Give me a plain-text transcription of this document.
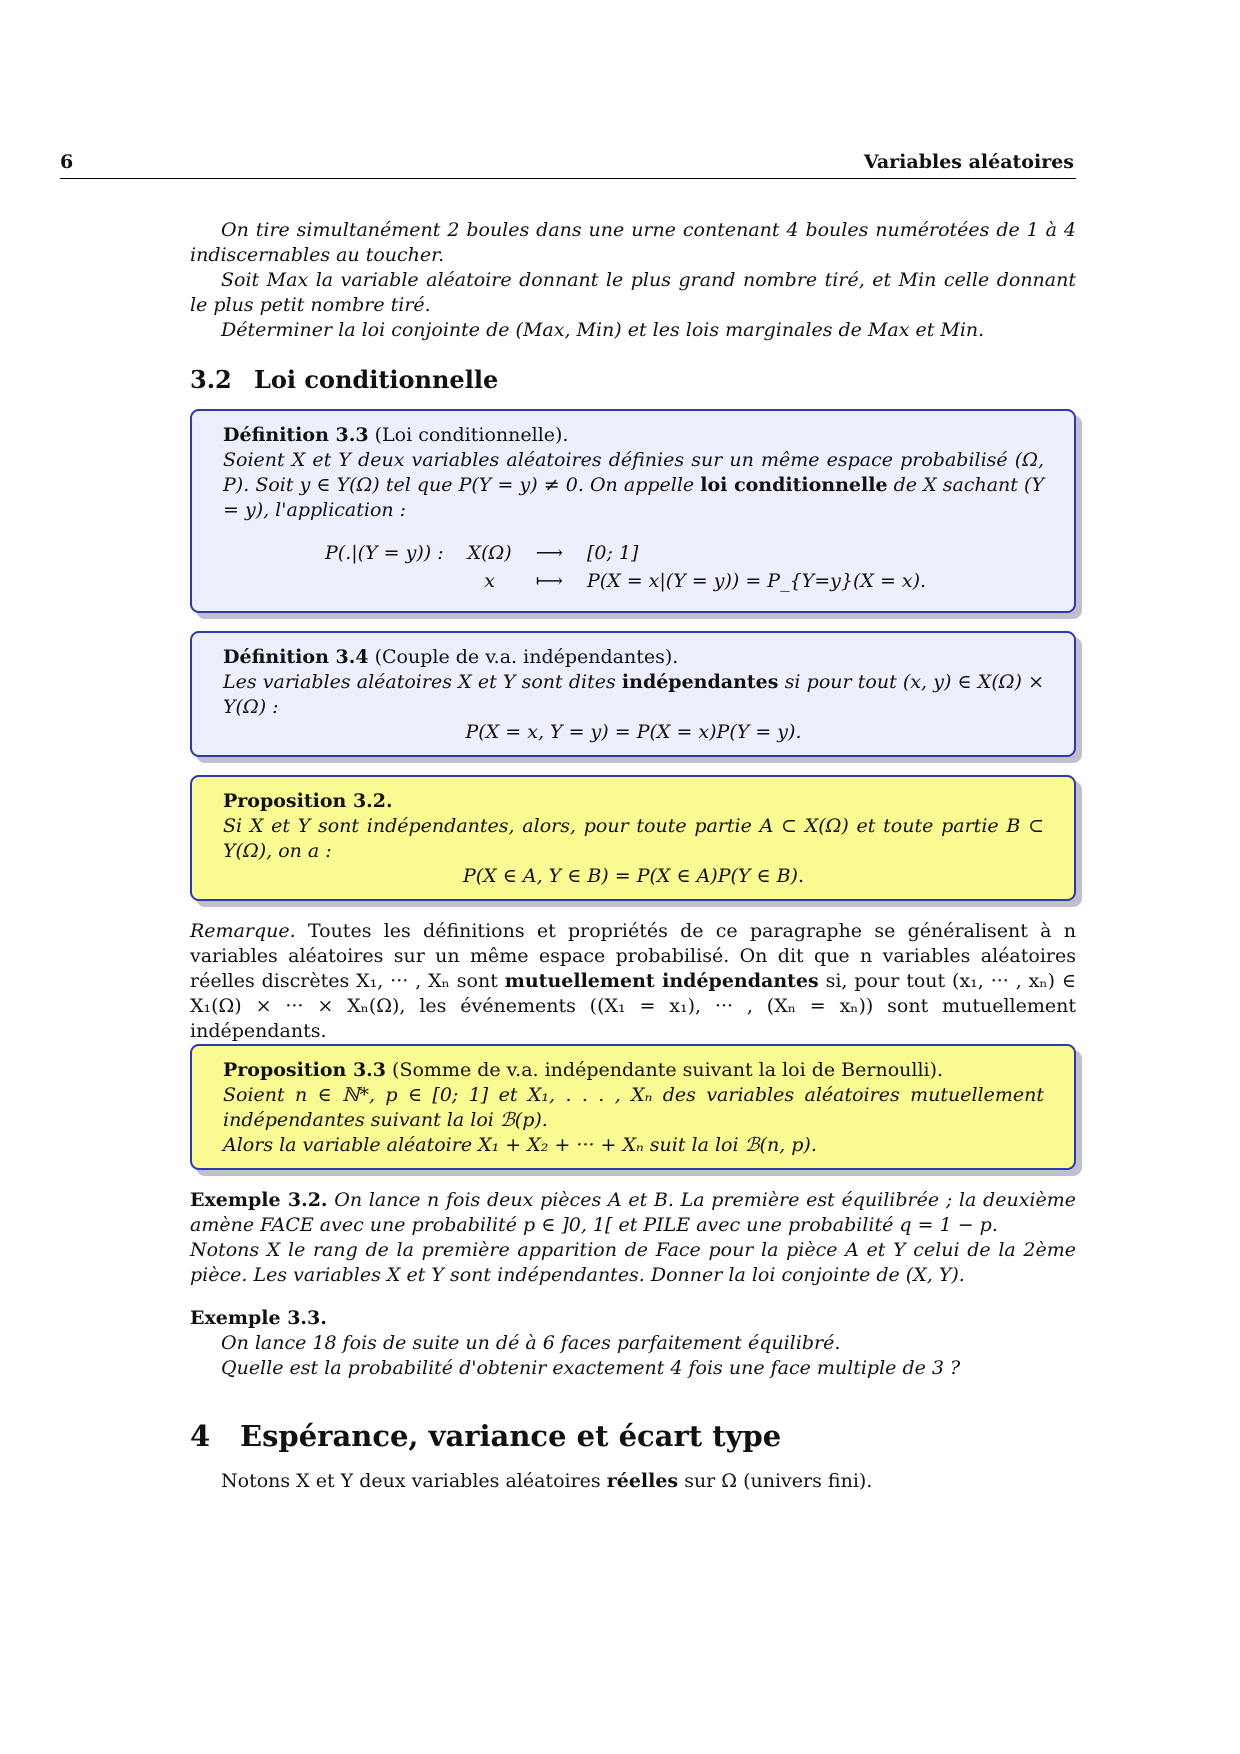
6	Variables aléatoires

On tire simultanément 2 boules dans une urne contenant 4 boules numérotées de 1 à 4 indiscernables au toucher.

Soit Max la variable aléatoire donnant le plus grand nombre tiré, et Min celle donnant le plus petit nombre tiré.

Déterminer la loi conjointe de (Max, Min) et les lois marginales de Max et Min.

3.2 Loi conditionnelle

Définition 3.3 (Loi conditionnelle).

Soient X et Y deux variables aléatoires définies sur un même espace probabilisé (Ω, P). Soit y ∈ Y(Ω) tel que P(Y = y) ≠ 0. On appelle loi conditionnelle de X sachant (Y = y), l'application :

P(.|(Y = y)) :	X(Ω)	⟶	[0; 1]
	x	⟼	P(X = x|(Y = y)) = P_{Y=y}(X = x).

Définition 3.4 (Couple de v.a. indépendantes).

Les variables aléatoires X et Y sont dites indépendantes si pour tout (x, y) ∈ X(Ω) × Y(Ω) :

P(X = x, Y = y) = P(X = x)P(Y = y).

Proposition 3.2.

Si X et Y sont indépendantes, alors, pour toute partie A ⊂ X(Ω) et toute partie B ⊂ Y(Ω), on a :

P(X ∈ A, Y ∈ B) = P(X ∈ A)P(Y ∈ B).

Remarque. Toutes les définitions et propriétés de ce paragraphe se généralisent à n variables aléatoires sur un même espace probabilisé. On dit que n variables aléatoires réelles discrètes X₁, ··· , Xₙ sont mutuellement indépendantes si, pour tout (x₁, ··· , xₙ) ∈ X₁(Ω) × ··· × Xₙ(Ω), les événements ((X₁ = x₁), ··· , (Xₙ = xₙ)) sont mutuellement indépendants.

Proposition 3.3 (Somme de v.a. indépendante suivant la loi de Bernoulli).

Soient n ∈ ℕ*, p ∈ [0; 1] et X₁, . . . , Xₙ des variables aléatoires mutuellement indépendantes suivant la loi ℬ(p).

Alors la variable aléatoire X₁ + X₂ + ··· + Xₙ suit la loi ℬ(n, p).

Exemple 3.2. On lance n fois deux pièces A et B. La première est équilibrée ; la deuxième amène FACE avec une probabilité p ∈ ]0, 1[ et PILE avec une probabilité q = 1 − p.

Notons X le rang de la première apparition de Face pour la pièce A et Y celui de la 2ème pièce. Les variables X et Y sont indépendantes. Donner la loi conjointe de (X, Y).

Exemple 3.3.

On lance 18 fois de suite un dé à 6 faces parfaitement équilibré.

Quelle est la probabilité d'obtenir exactement 4 fois une face multiple de 3 ?

4 Espérance, variance et écart type

Notons X et Y deux variables aléatoires réelles sur Ω (univers fini).
